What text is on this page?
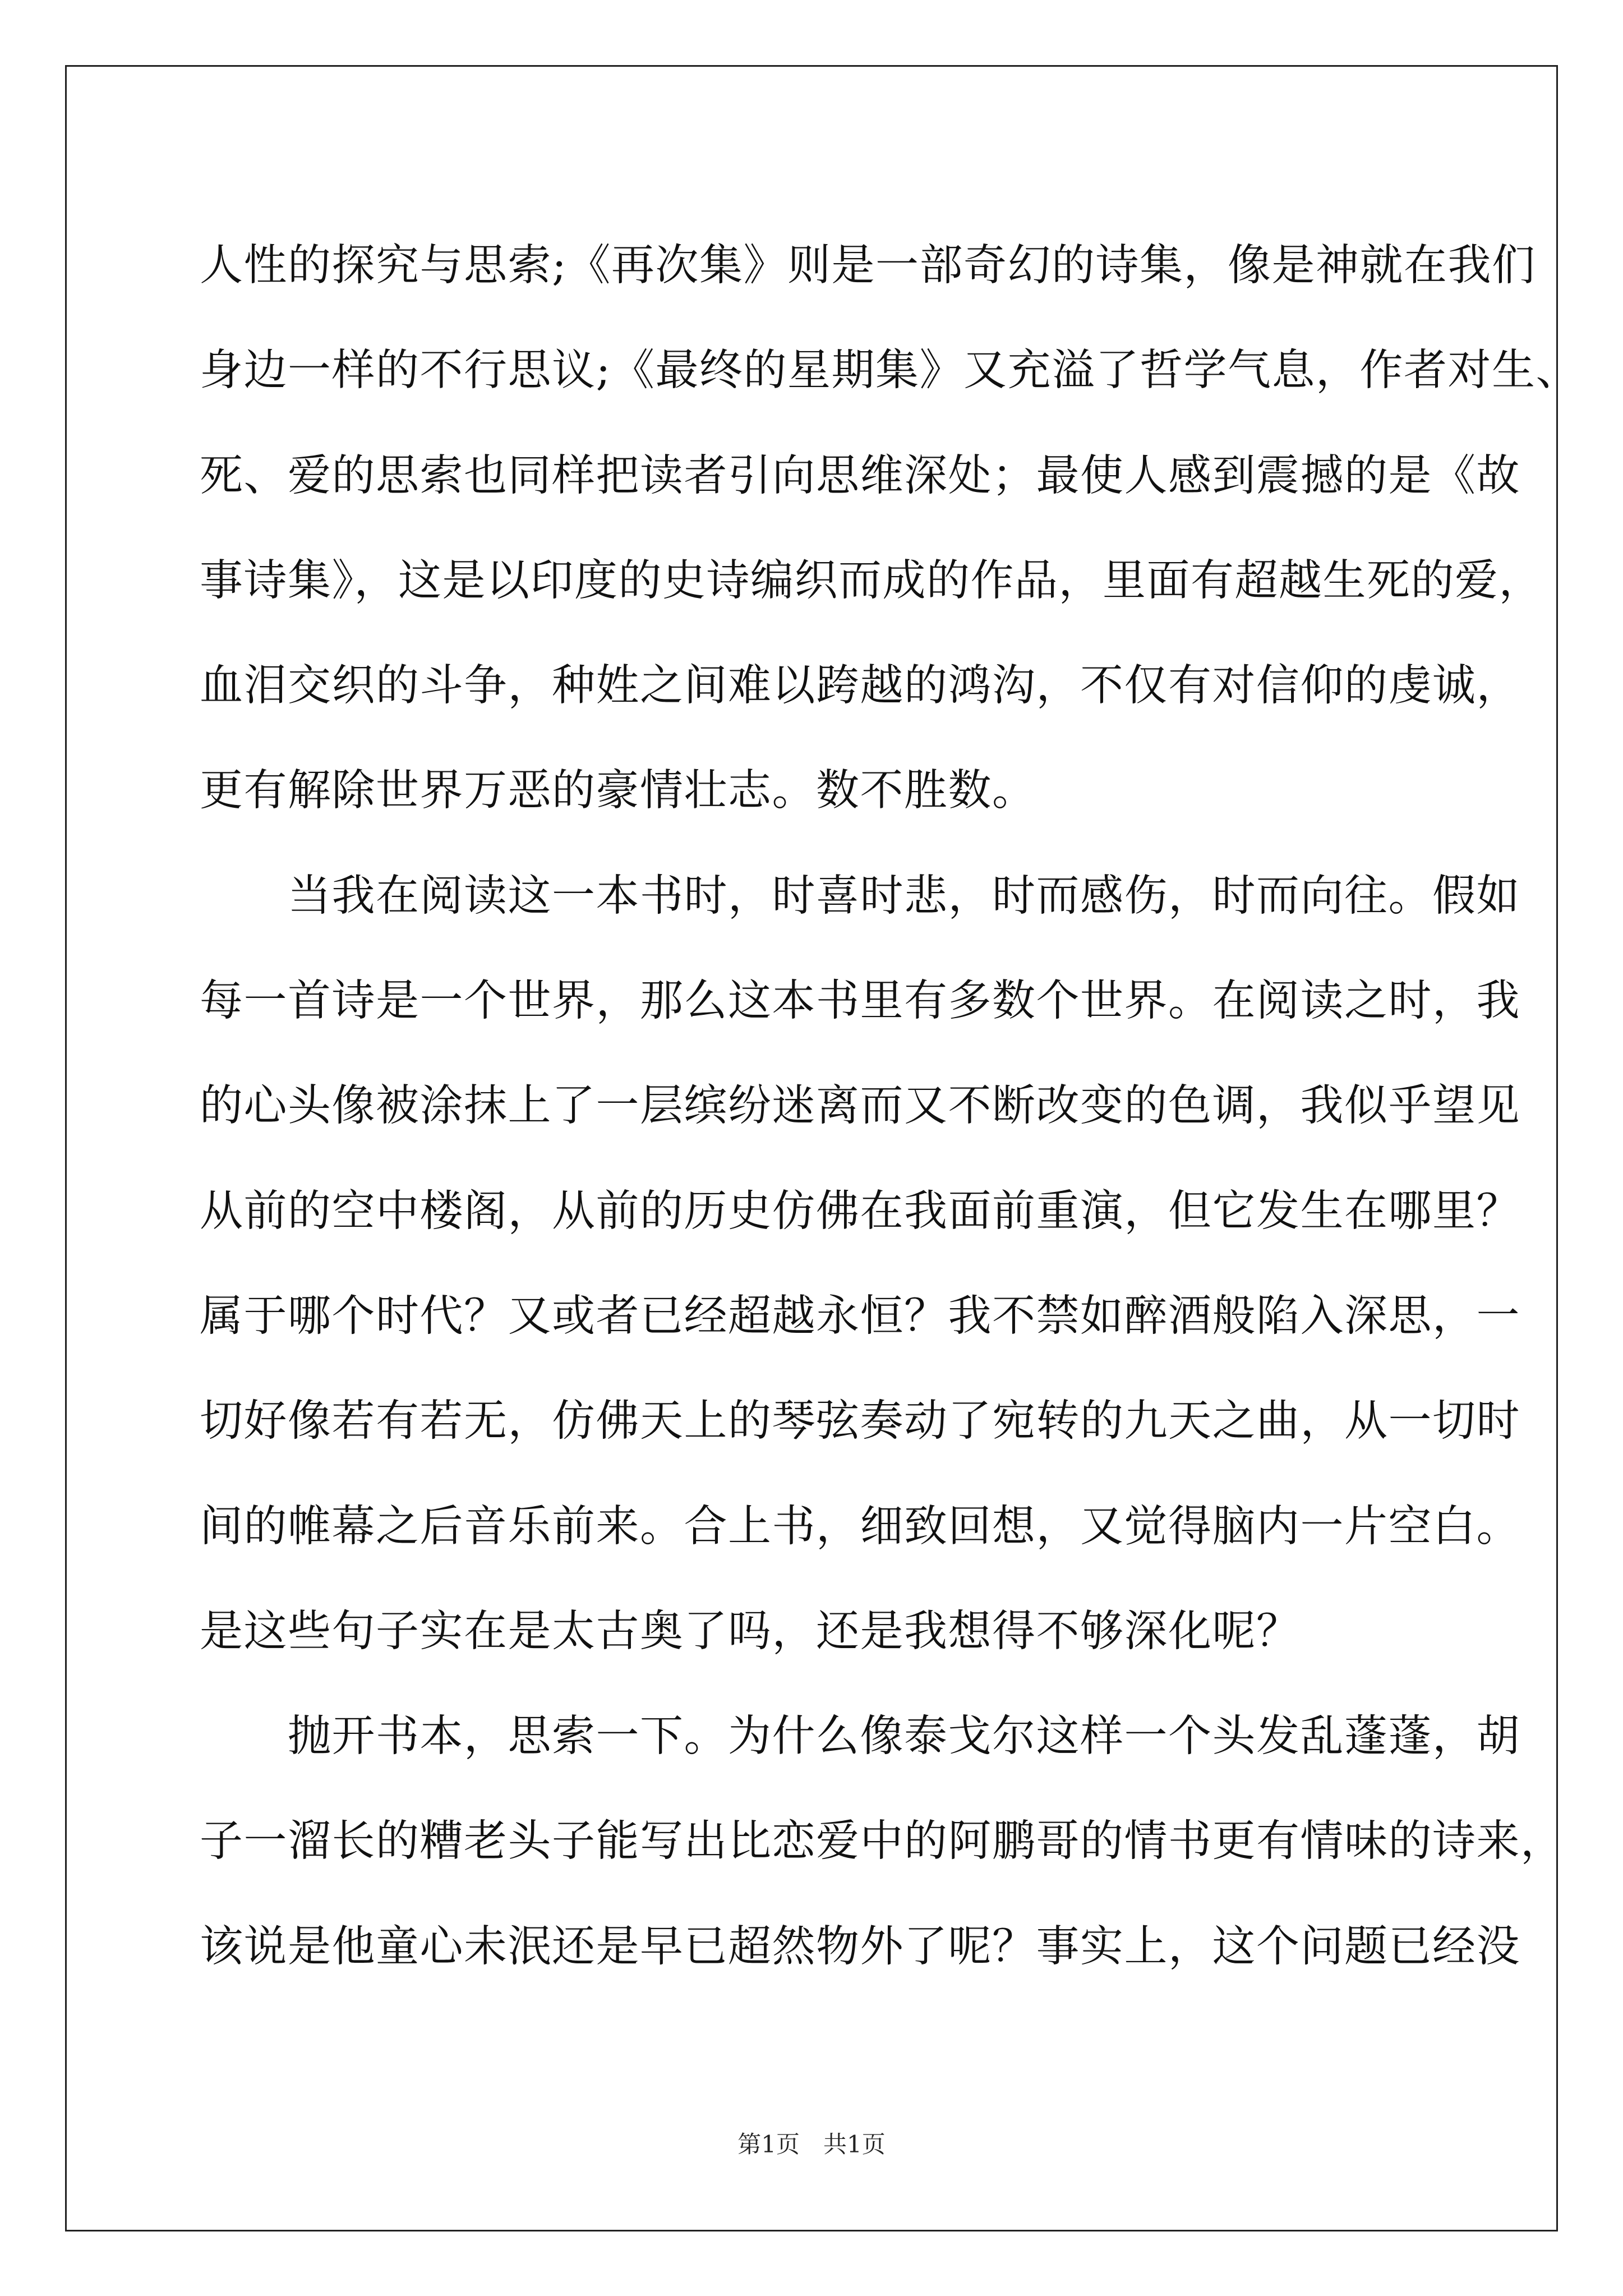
人性的探究与思索;《再次集》则是一部奇幻的诗集，像是神就在我们

身边一样的不行思议;《最终的星期集》又充溢了哲学气息，作者对生、

死、爱的思索也同样把读者引向思维深处；最使人感到震撼的是《故

事诗集》，这是以印度的史诗编织而成的作品，里面有超越生死的爱，

血泪交织的斗争，种姓之间难以跨越的鸿沟，不仅有对信仰的虔诚，

更有解除世界万恶的豪情壮志。数不胜数。

　　当我在阅读这一本书时，时喜时悲，时而感伤，时而向往。假如

每一首诗是一个世界，那么这本书里有多数个世界。在阅读之时，我

的心头像被涂抹上了一层缤纷迷离而又不断改变的色调，我似乎望见

从前的空中楼阁，从前的历史仿佛在我面前重演，但它发生在哪里？

属于哪个时代？又或者已经超越永恒？我不禁如醉酒般陷入深思，一

切好像若有若无，仿佛天上的琴弦奏动了宛转的九天之曲，从一切时

间的帷幕之后音乐前来。合上书，细致回想，又觉得脑内一片空白。

是这些句子实在是太古奥了吗，还是我想得不够深化呢？

　　抛开书本，思索一下。为什么像泰戈尔这样一个头发乱蓬蓬，胡

子一溜长的糟老头子能写出比恋爱中的阿鹏哥的情书更有情味的诗来，

该说是他童心未泯还是早已超然物外了呢？事实上，这个问题已经没

第1页　共1页
